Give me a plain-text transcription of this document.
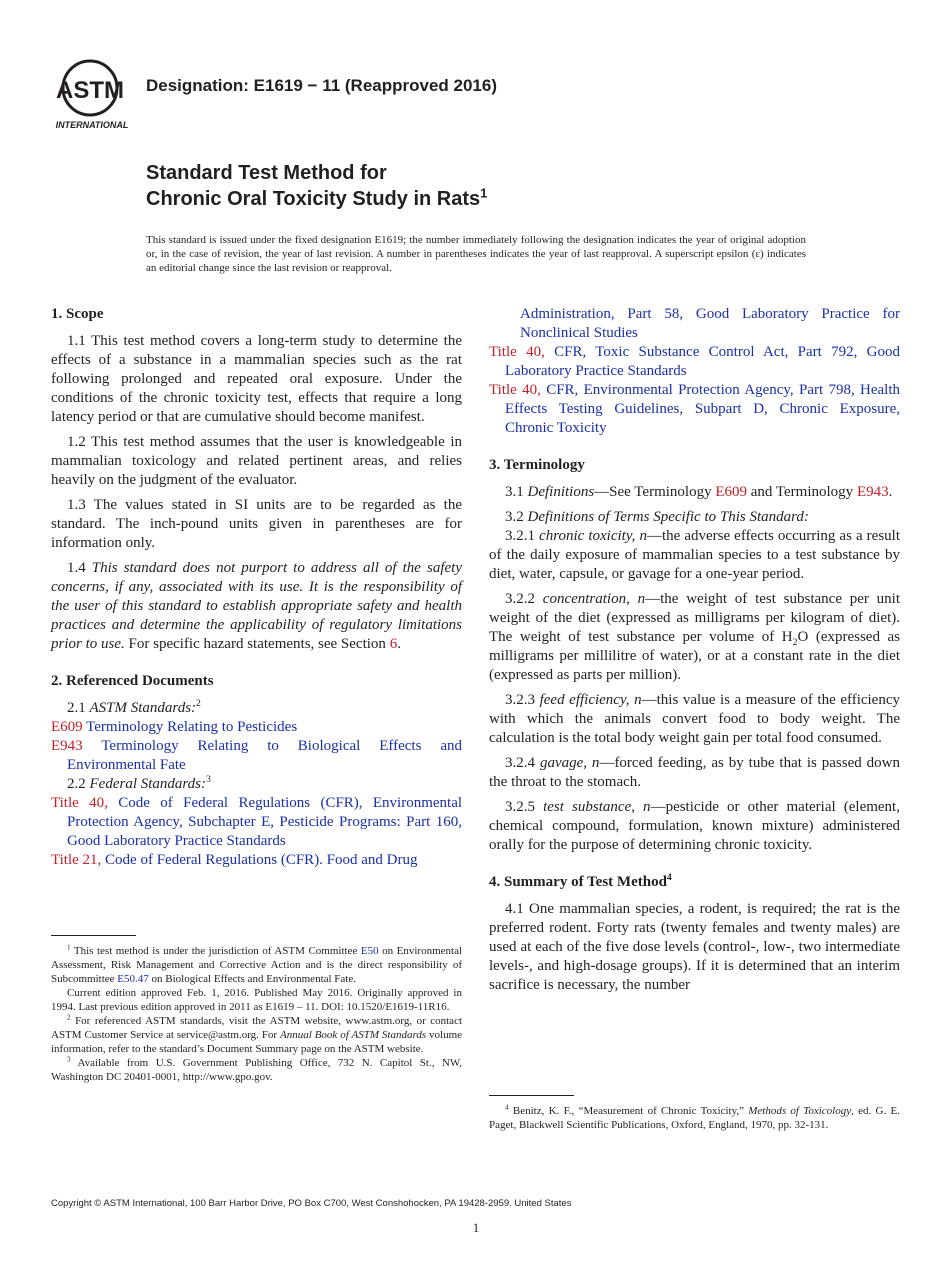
ASTM
INTERNATIONAL
Designation: E1619 − 11 (Reapproved 2016)
Standard Test Method for
Chronic Oral Toxicity Study in Rats$^1$
This standard is issued under the fixed designation E1619; the number immediately following the designation indicates the year of original adoption or, in the case of revision, the year of last revision. A number in parentheses indicates the year of last reapproval. A superscript epsilon (ε) indicates an editorial change since the last revision or reapproval.

1. Scope

1.1 This test method covers a long-term study to determine the effects of a substance in a mammalian species such as the rat following prolonged and repeated oral exposure. Under the conditions of the chronic toxicity test, effects that require a long latency period or that are cumulative should become manifest.

1.2 This test method assumes that the user is knowledgeable in mammalian toxicology and related pertinent areas, and relies heavily on the judgment of the evaluator.

1.3 The values stated in SI units are to be regarded as the standard. The inch-pound units given in parentheses are for information only.

1.4 This standard does not purport to address all of the safety concerns, if any, associated with its use. It is the responsibility of the user of this standard to establish appropriate safety and health practices and determine the applicability of regulatory limitations prior to use. For specific hazard statements, see Section 6.

2. Referenced Documents

2.1 ASTM Standards:$^2$

E609 Terminology Relating to Pesticides

E943 Terminology Relating to Biological Effects and Environmental Fate

2.2 Federal Standards:$^3$

Title 40, Code of Federal Regulations (CFR), Environmental Protection Agency, Subchapter E, Pesticide Programs: Part 160, Good Laboratory Practice Standards

Title 21, Code of Federal Regulations (CFR). Food and Drug

$^1$ This test method is under the jurisdiction of ASTM Committee E50 on Environmental Assessment, Risk Management and Corrective Action and is the direct responsibility of Subcommittee E50.47 on Biological Effects and Environmental Fate.

Current edition approved Feb. 1, 2016. Published May 2016. Originally approved in 1994. Last previous edition approved in 2011 as E1619 – 11. DOI: 10.1520/E1619-11R16.

$^2$ For referenced ASTM standards, visit the ASTM website, www.astm.org, or contact ASTM Customer Service at service@astm.org. For Annual Book of ASTM Standards volume information, refer to the standard’s Document Summary page on the ASTM website.

$^3$ Available from U.S. Government Publishing Office, 732 N. Capitol St., NW, Washington DC 20401-0001, http://www.gpo.gov.

Administration, Part 58, Good Laboratory Practice for Nonclinical Studies

Title 40, CFR, Toxic Substance Control Act, Part 792, Good Laboratory Practice Standards

Title 40, CFR, Environmental Protection Agency, Part 798, Health Effects Testing Guidelines, Subpart D, Chronic Exposure, Chronic Toxicity

3. Terminology

3.1 Definitions—See Terminology E609 and Terminology E943.

3.2 Definitions of Terms Specific to This Standard:

3.2.1 chronic toxicity, n—the adverse effects occurring as a result of the daily exposure of mammalian species to a test substance by diet, water, capsule, or gavage for a one-year period.

3.2.2 concentration, n—the weight of test substance per unit weight of the diet (expressed as milligrams per kilogram of diet). The weight of test substance per volume of $H_2O$ (expressed as milligrams per millilitre of water), or at a constant rate in the diet (expressed as parts per million).

3.2.3 feed efficiency, n—this value is a measure of the efficiency with which the animals convert food to body weight. The calculation is the total body weight gain per total food consumed.

3.2.4 gavage, n—forced feeding, as by tube that is passed down the throat to the stomach.

3.2.5 test substance, n—pesticide or other material (element, chemical compound, formulation, known mixture) administered orally for the purpose of determining chronic toxicity.

4. Summary of Test Method$^4$

4.1 One mammalian species, a rodent, is required; the rat is the preferred rodent. Forty rats (twenty females and twenty males) are used at each of the five dose levels (control-, low-, two intermediate levels-, and high-dosage groups). If it is determined that an interim sacrifice is necessary, the number

$^4$ Benitz, K. F., “Measurement of Chronic Toxicity,” Methods of Toxicology, ed. G. E. Paget, Blackwell Scientific Publications, Oxford, England, 1970, pp. 32-131.

Copyright © ASTM International, 100 Barr Harbor Drive, PO Box C700, West Conshohocken, PA 19428-2959. United States
1
